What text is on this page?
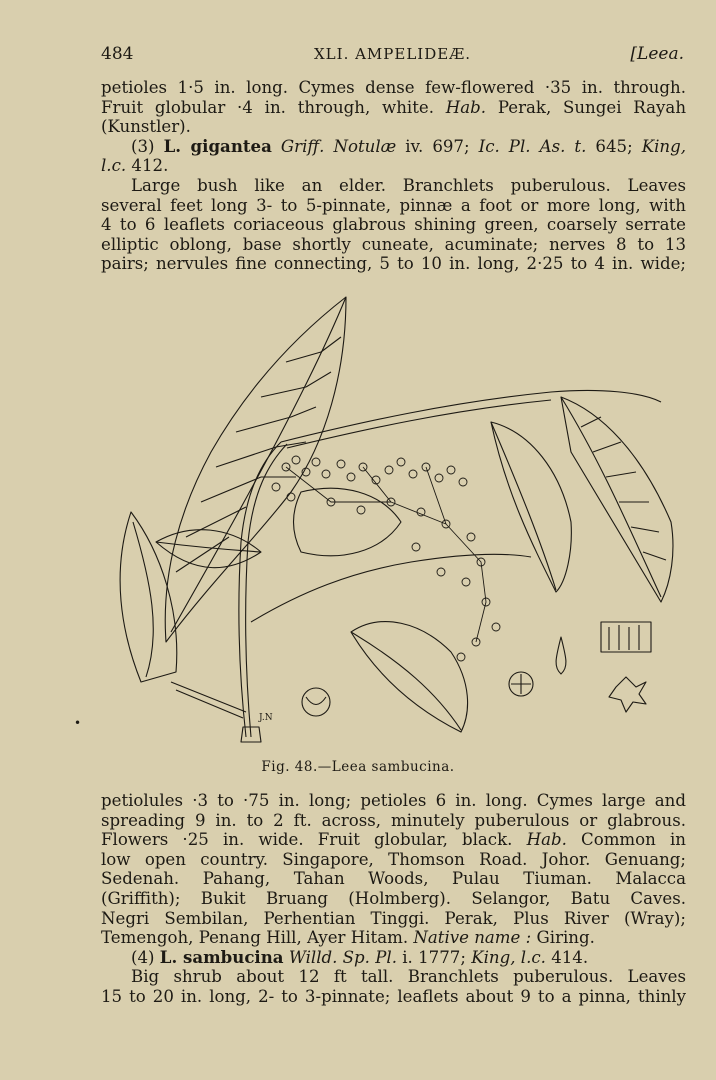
484	XLI. AMPELIDEÆ.	[Leea.
petioles 1·5 in. long. Cymes dense few-flowered ·35 in. through.
Fruit globular ·4 in. through, white. Hab. Perak, Sungei Rayah
(Kunstler).
(3) L. gigantea Griff. Notulæ iv. 697; Ic. Pl. As. t. 645; King,
l.c. 412.
Large bush like an elder. Branchlets puberulous. Leaves
several feet long 3- to 5-pinnate, pinnæ a foot or more long, with
4 to 6 leaflets coriaceous glabrous shining green, coarsely serrate
elliptic oblong, base shortly cuneate, acuminate; nerves 8 to 13
pairs; nervules fine connecting, 5 to 10 in. long, 2·25 to 4 in. wide;
J.N
Fig. 48.—Leea sambucina.
petiolules ·3 to ·75 in. long; petioles 6 in. long. Cymes large and
spreading 9 in. to 2 ft. across, minutely puberulous or glabrous.
Flowers ·25 in. wide. Fruit globular, black. Hab. Common in
low open country. Singapore, Thomson Road. Johor. Genuang;
Sedenah. Pahang, Tahan Woods, Pulau Tiuman. Malacca
(Griffith); Bukit Bruang (Holmberg). Selangor, Batu Caves.
Negri Sembilan, Perhentian Tinggi. Perak, Plus River (Wray);
Temengoh, Penang Hill, Ayer Hitam. Native name : Giring.
(4) L. sambucina Willd. Sp. Pl. i. 1777; King, l.c. 414.
Big shrub about 12 ft tall. Branchlets puberulous. Leaves
15 to 20 in. long, 2- to 3-pinnate; leaflets about 9 to a pinna, thinly
•
